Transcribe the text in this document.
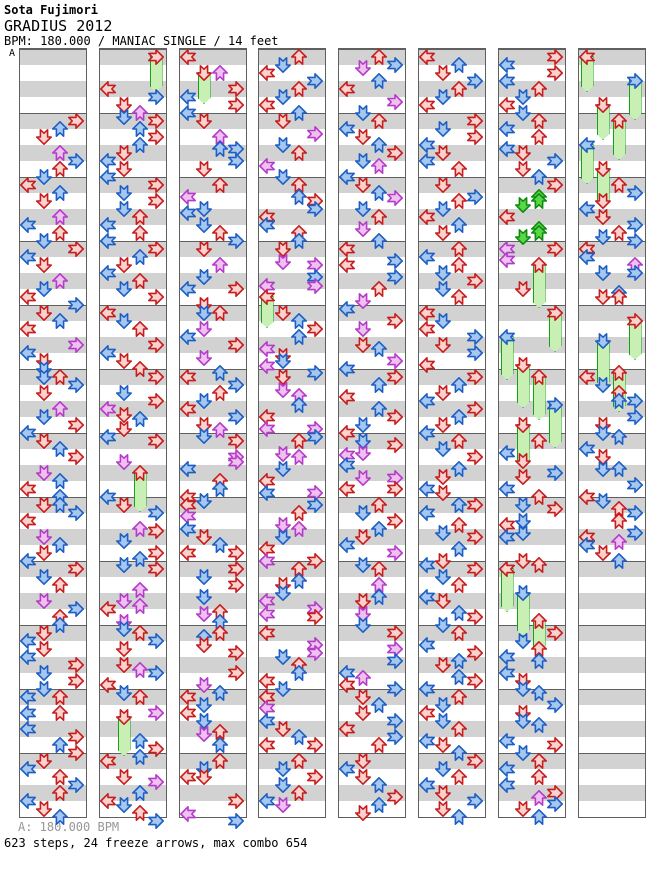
Sota Fujimori
GRADIUS 2012
BPM: 180.000 / MANIAC SINGLE / 14 feet
A
A: 180.000 BPM
623 steps, 24 freeze arrows, max combo 654
